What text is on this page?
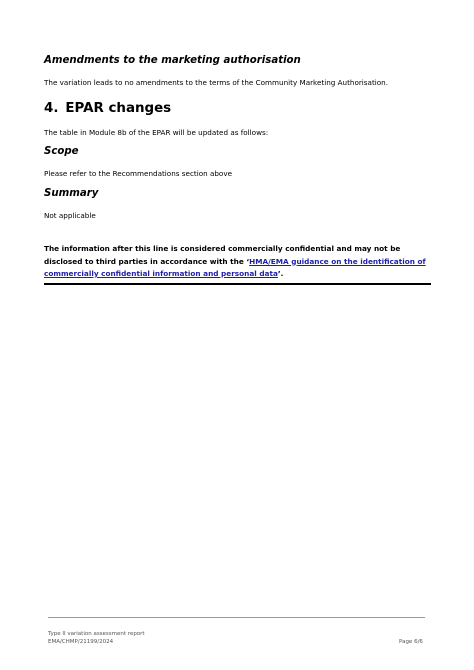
Amendments to the marketing authorisation

The variation leads to no amendments to the terms of the Community Marketing Authorisation.

4. EPAR changes

The table in Module 8b of the EPAR will be updated as follows:

Scope

Please refer to the Recommendations section above

Summary

Not applicable

The information after this line is considered commercially confidential and may not be
disclosed to third parties in accordance with the ‘HMA/EMA guidance on the identification of
commercially confidential information and personal data’.

Type II variation assessment report

EMA/CHMP/21199/2024	Page 6/6
